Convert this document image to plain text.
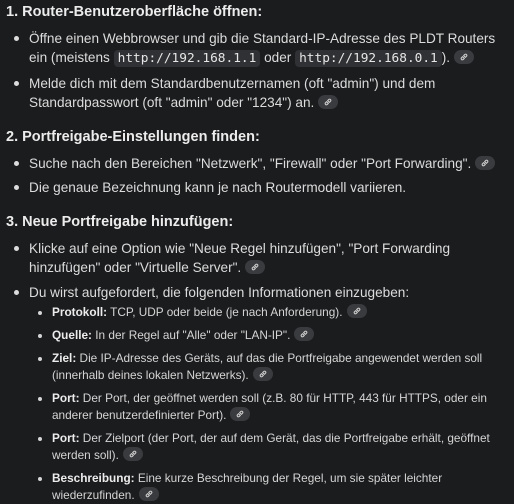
1. Router-Benutzeroberfläche öffnen:
Öffne einen Webbrowser und gib die Standard-IP-Adresse des PLDT Routers ein (meistens http://192.168.1.1 oder http://192.168.0.1 ).
Melde dich mit dem Standardbenutzernamen (oft "admin") und dem Standardpasswort (oft "admin" oder "1234") an.
2. Portfreigabe-Einstellungen finden:
Suche nach den Bereichen "Netzwerk", "Firewall" oder "Port Forwarding".
Die genaue Bezeichnung kann je nach Routermodell variieren.
3. Neue Portfreigabe hinzufügen:
Klicke auf eine Option wie "Neue Regel hinzufügen", "Port Forwarding hinzufügen" oder "Virtuelle Server".
Du wirst aufgefordert, die folgenden Informationen einzugeben:
Protokoll: TCP, UDP oder beide (je nach Anforderung).
Quelle: In der Regel auf "Alle" oder "LAN-IP".
Ziel: Die IP-Adresse des Geräts, auf das die Portfreigabe angewendet werden soll (innerhalb deines lokalen Netzwerks).
Port: Der Port, der geöffnet werden soll (z.B. 80 für HTTP, 443 für HTTPS, oder ein anderer benutzerdefinierter Port).
Port: Der Zielport (der Port, der auf dem Gerät, das die Portfreigabe erhält, geöffnet werden soll).
Beschreibung: Eine kurze Beschreibung der Regel, um sie später leichter wiederzufinden.
